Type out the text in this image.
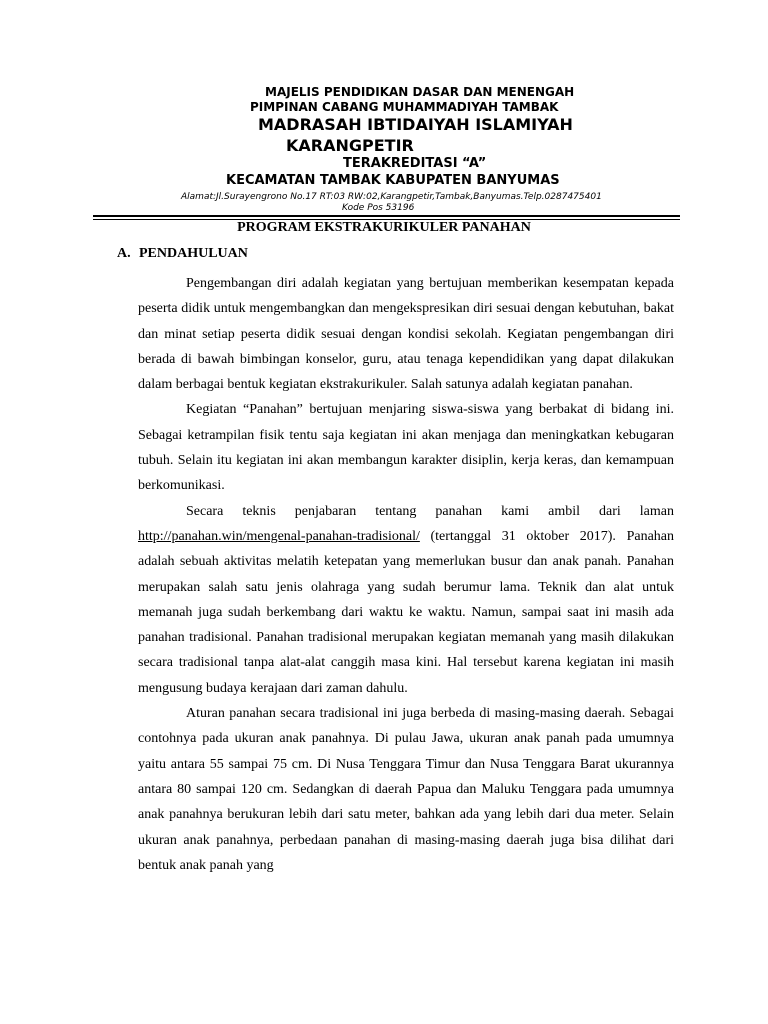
MAJELIS PENDIDIKAN DASAR DAN MENENGAH
PIMPINAN CABANG MUHAMMADIYAH TAMBAK
MADRASAH IBTIDAIYAH ISLAMIYAH
KARANGPETIR
TERAKREDITASI “A”
KECAMATAN TAMBAK KABUPATEN BANYUMAS
Alamat:Jl.Surayengrono No.17 RT:03 RW:02,Karangpetir,Tambak,Banyumas.Telp.0287475401
Kode Pos 53196
PROGRAM EKSTRAKURIKULER PANAHAN
A. PENDAHULUAN

Pengembangan diri adalah kegiatan yang bertujuan memberikan kesempatan kepada peserta didik untuk mengembangkan dan mengekspresikan diri sesuai dengan kebutuhan, bakat dan minat setiap peserta didik sesuai dengan kondisi sekolah. Kegiatan pengembangan diri berada di bawah bimbingan konselor, guru, atau tenaga kependidikan yang dapat dilakukan dalam berbagai bentuk kegiatan ekstrakurikuler. Salah satunya adalah kegiatan panahan.

Kegiatan “Panahan” bertujuan menjaring siswa-siswa yang berbakat di bidang ini. Sebagai ketrampilan fisik tentu saja kegiatan ini akan menjaga dan meningkatkan kebugaran tubuh. Selain itu kegiatan ini akan membangun karakter disiplin, kerja keras, dan kemampuan berkomunikasi.

Secara teknis penjabaran tentang panahan kami ambil dari laman http://panahan.win/mengenal-panahan-tradisional/ (tertanggal 31 oktober 2017). Panahan adalah sebuah aktivitas melatih ketepatan yang memerlukan busur dan anak panah. Panahan merupakan salah satu jenis olahraga yang sudah berumur lama. Teknik dan alat untuk memanah juga sudah berkembang dari waktu ke waktu. Namun, sampai saat ini masih ada panahan tradisional. Panahan tradisional merupakan kegiatan memanah yang masih dilakukan secara tradisional tanpa alat-alat canggih masa kini. Hal tersebut karena kegiatan ini masih mengusung budaya kerajaan dari zaman dahulu.

Aturan panahan secara tradisional ini juga berbeda di masing-masing daerah. Sebagai contohnya pada ukuran anak panahnya. Di pulau Jawa, ukuran anak panah pada umumnya yaitu antara 55 sampai 75 cm. Di Nusa Tenggara Timur dan Nusa Tenggara Barat ukurannya antara 80 sampai 120 cm. Sedangkan di daerah Papua dan Maluku Tenggara pada umumnya anak panahnya berukuran lebih dari satu meter, bahkan ada yang lebih dari dua meter. Selain ukuran anak panahnya, perbedaan panahan di masing-masing daerah juga bisa dilihat dari bentuk anak panah yang
